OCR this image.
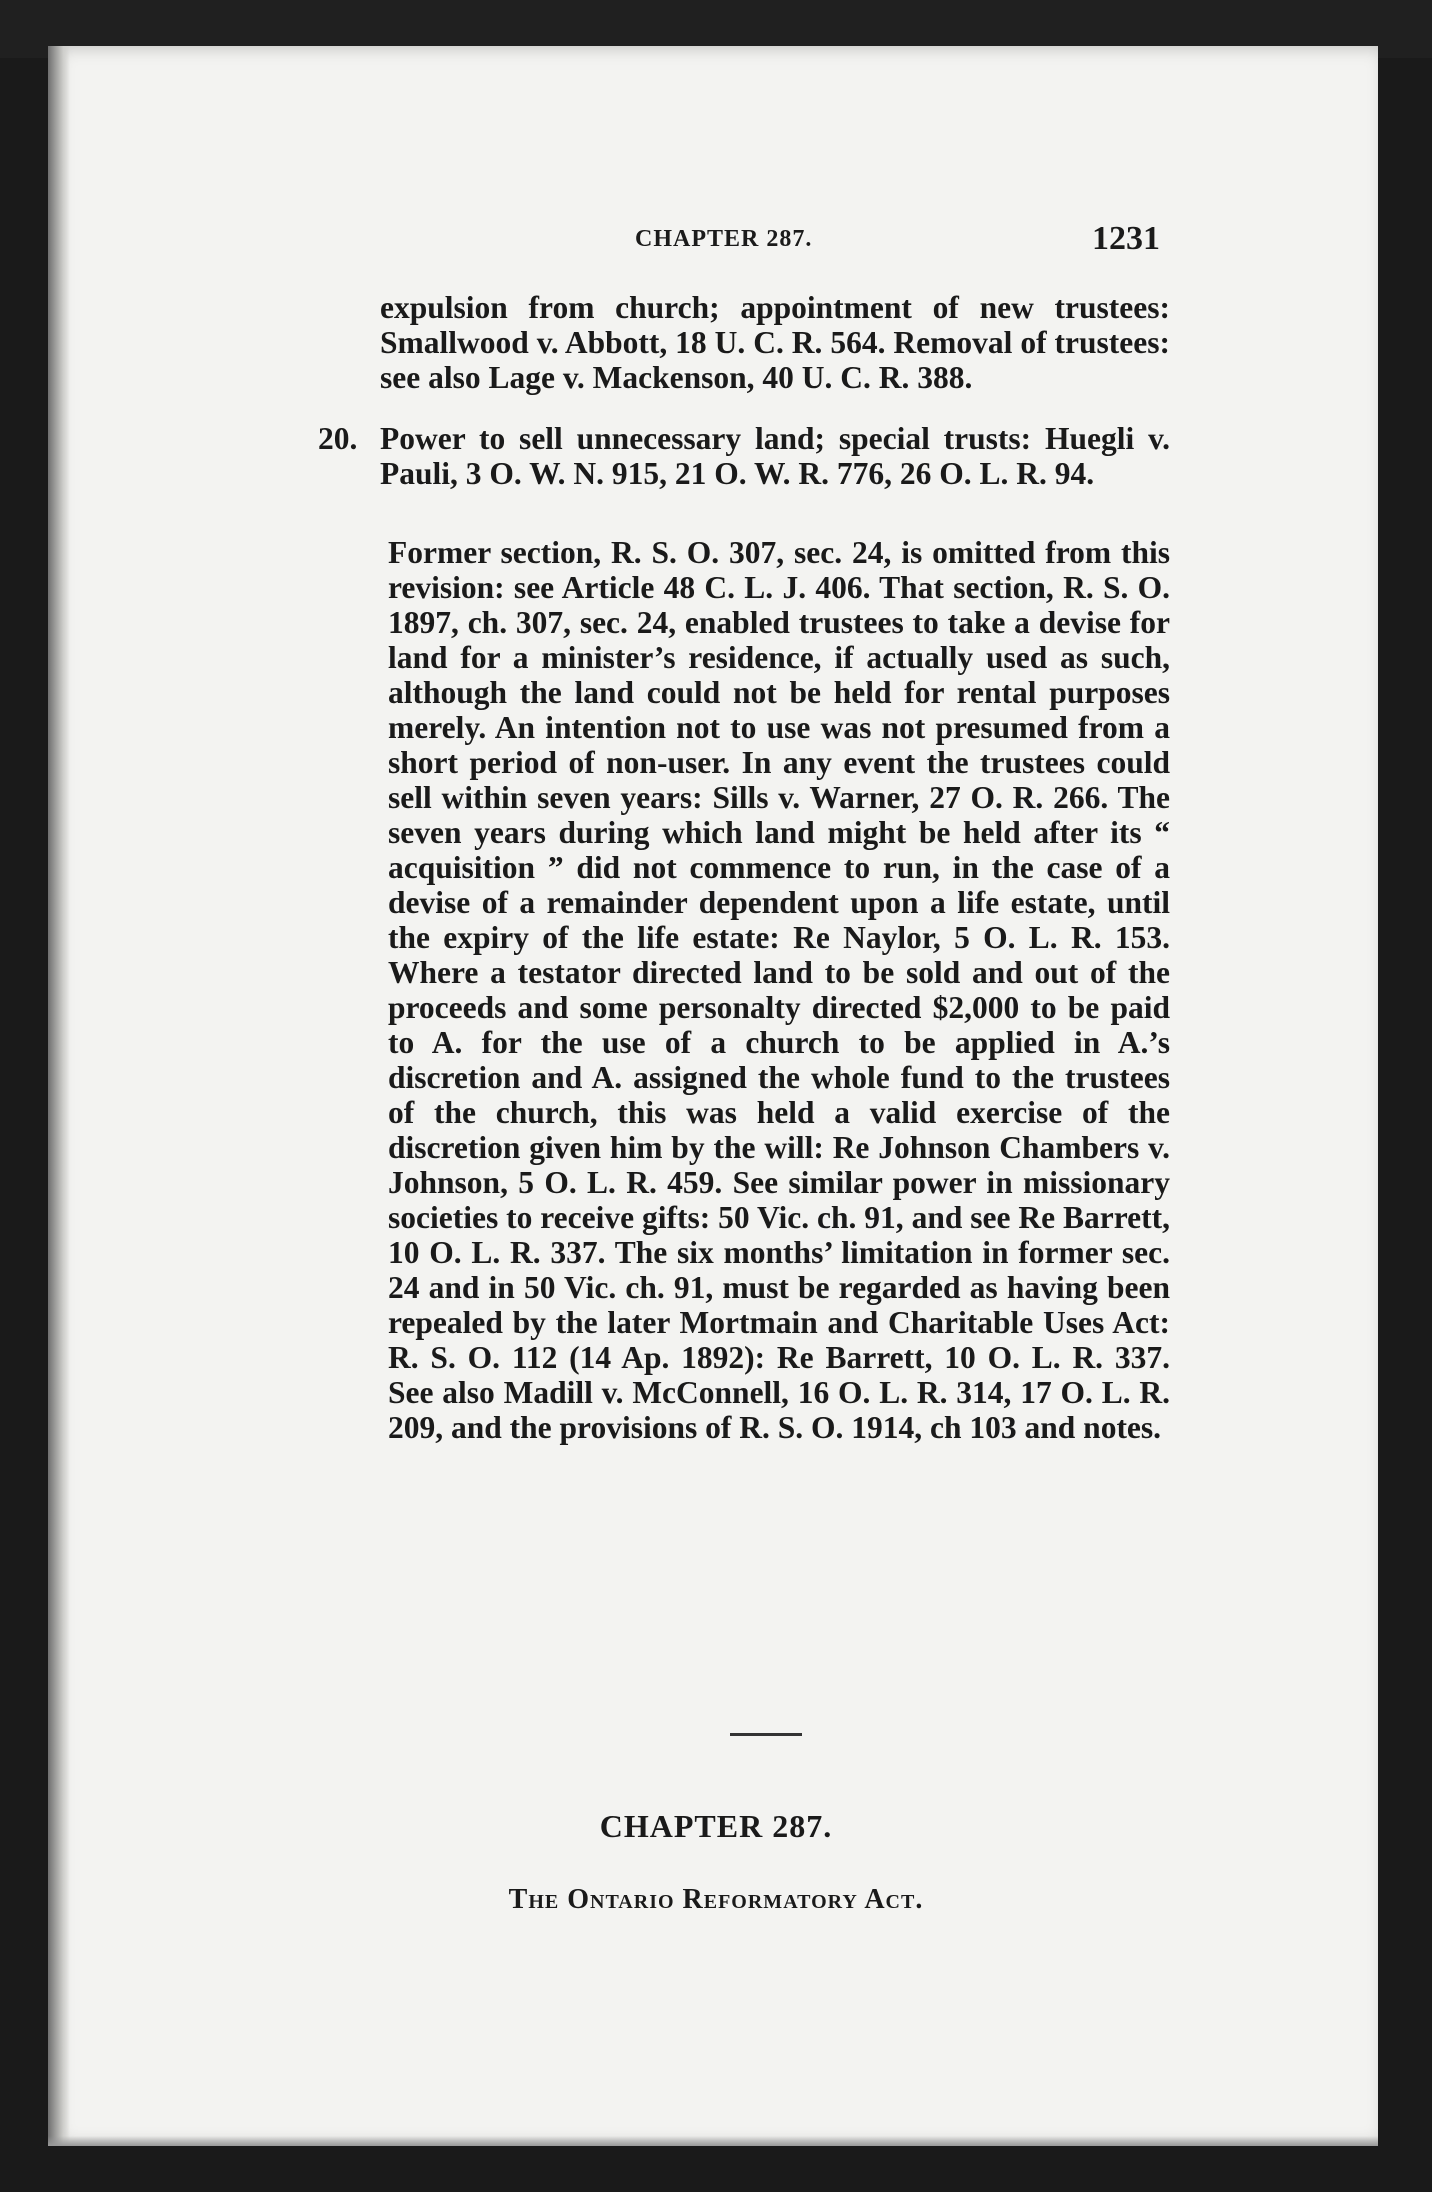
CHAPTER 287.	1231

expulsion from church; appointment of new trustees: Smallwood v. Abbott, 18 U. C. R. 564. Removal of trustees: see also Lage v. Mackenson, 40 U. C. R. 388.

20. Power to sell unnecessary land; special trusts: Huegli v. Pauli, 3 O. W. N. 915, 21 O. W. R. 776, 26 O. L. R. 94.

Former section, R. S. O. 307, sec. 24, is omitted from this revision: see Article 48 C. L. J. 406. That section, R. S. O. 1897, ch. 307, sec. 24, enabled trustees to take a devise for land for a minister’s residence, if actually used as such, although the land could not be held for rental purposes merely. An intention not to use was not presumed from a short period of non-user. In any event the trustees could sell within seven years: Sills v. Warner, 27 O. R. 266. The seven years during which land might be held after its “ acquisition ” did not commence to run, in the case of a devise of a remainder dependent upon a life estate, until the expiry of the life estate: Re Naylor, 5 O. L. R. 153. Where a testator directed land to be sold and out of the proceeds and some personalty directed $2,000 to be paid to A. for the use of a church to be applied in A.’s discretion and A. assigned the whole fund to the trustees of the church, this was held a valid exercise of the discretion given him by the will: Re Johnson Chambers v. Johnson, 5 O. L. R. 459. See similar power in missionary societies to receive gifts: 50 Vic. ch. 91, and see Re Barrett, 10 O. L. R. 337. The six months’ limitation in former sec. 24 and in 50 Vic. ch. 91, must be regarded as having been repealed by the later Mortmain and Charitable Uses Act: R. S. O. 112 (14 Ap. 1892): Re Barrett, 10 O. L. R. 337. See also Madill v. McConnell, 16 O. L. R. 314, 17 O. L. R. 209, and the provisions of R. S. O. 1914, ch 103 and notes.

CHAPTER 287.
The Ontario Reformatory Act.
